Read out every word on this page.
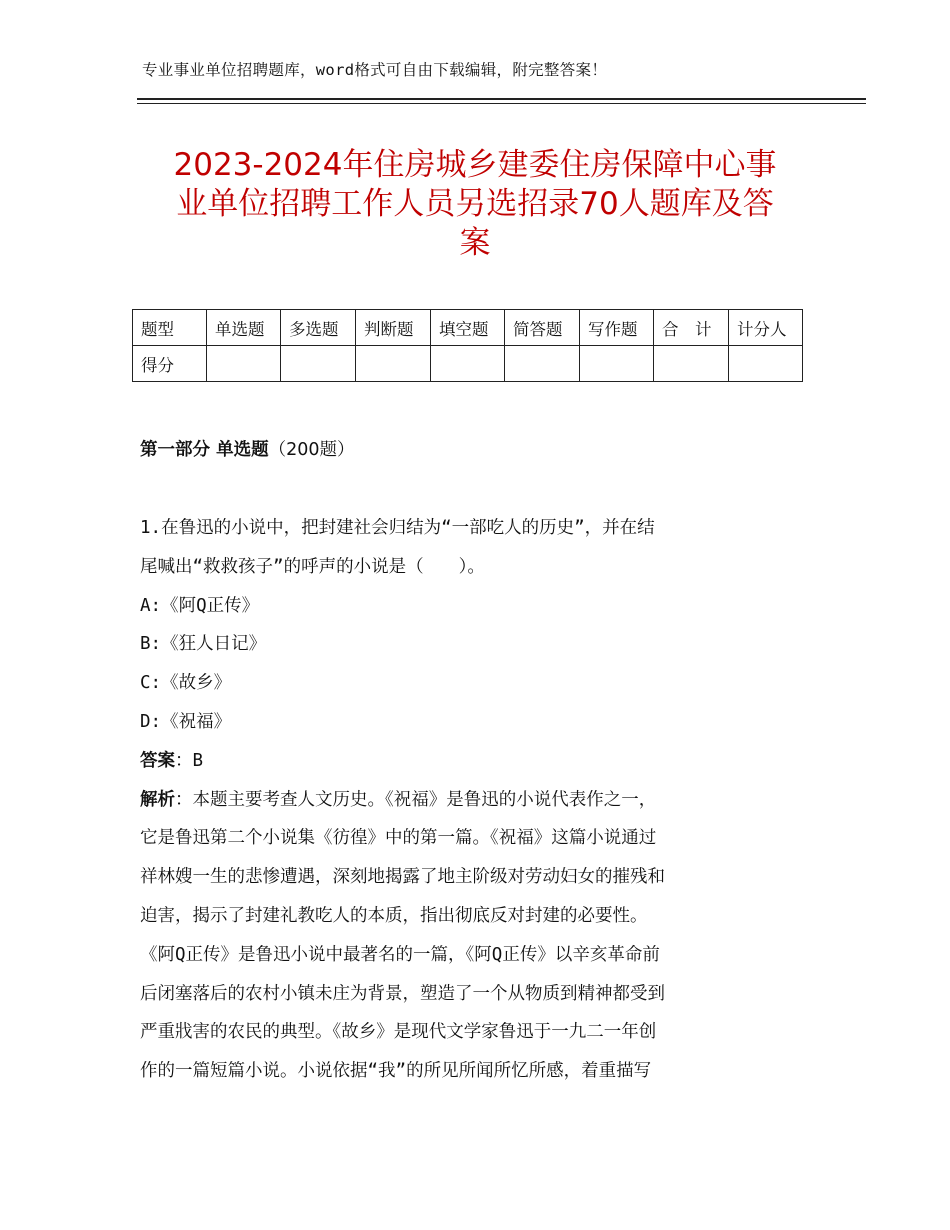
专业事业单位招聘题库，word格式可自由下载编辑，附完整答案！
2023-2024年住房城乡建委住房保障中心事
业单位招聘工作人员另选招录70人题库及答
案
题型	单选题	多选题	判断题	填空题	简答题	写作题	合　计	计分人
得分								
第一部分 单选题（200题）
1.在鲁迅的小说中，把封建社会归结为“一部吃人的历史”，并在结
尾喊出“救救孩子”的呼声的小说是（　　）。
A:《阿Q正传》
B:《狂人日记》
C:《故乡》
D:《祝福》
答案：B
解析：本题主要考查人文历史。《祝福》是鲁迅的小说代表作之一，
它是鲁迅第二个小说集《彷徨》中的第一篇。《祝福》这篇小说通过
祥林嫂一生的悲惨遭遇，深刻地揭露了地主阶级对劳动妇女的摧残和
迫害，揭示了封建礼教吃人的本质，指出彻底反对封建的必要性。
《阿Q正传》是鲁迅小说中最著名的一篇，《阿Q正传》以辛亥革命前
后闭塞落后的农村小镇未庄为背景，塑造了一个从物质到精神都受到
严重戕害的农民的典型。《故乡》是现代文学家鲁迅于一九二一年创
作的一篇短篇小说。小说依据“我”的所见所闻所忆所感，着重描写
